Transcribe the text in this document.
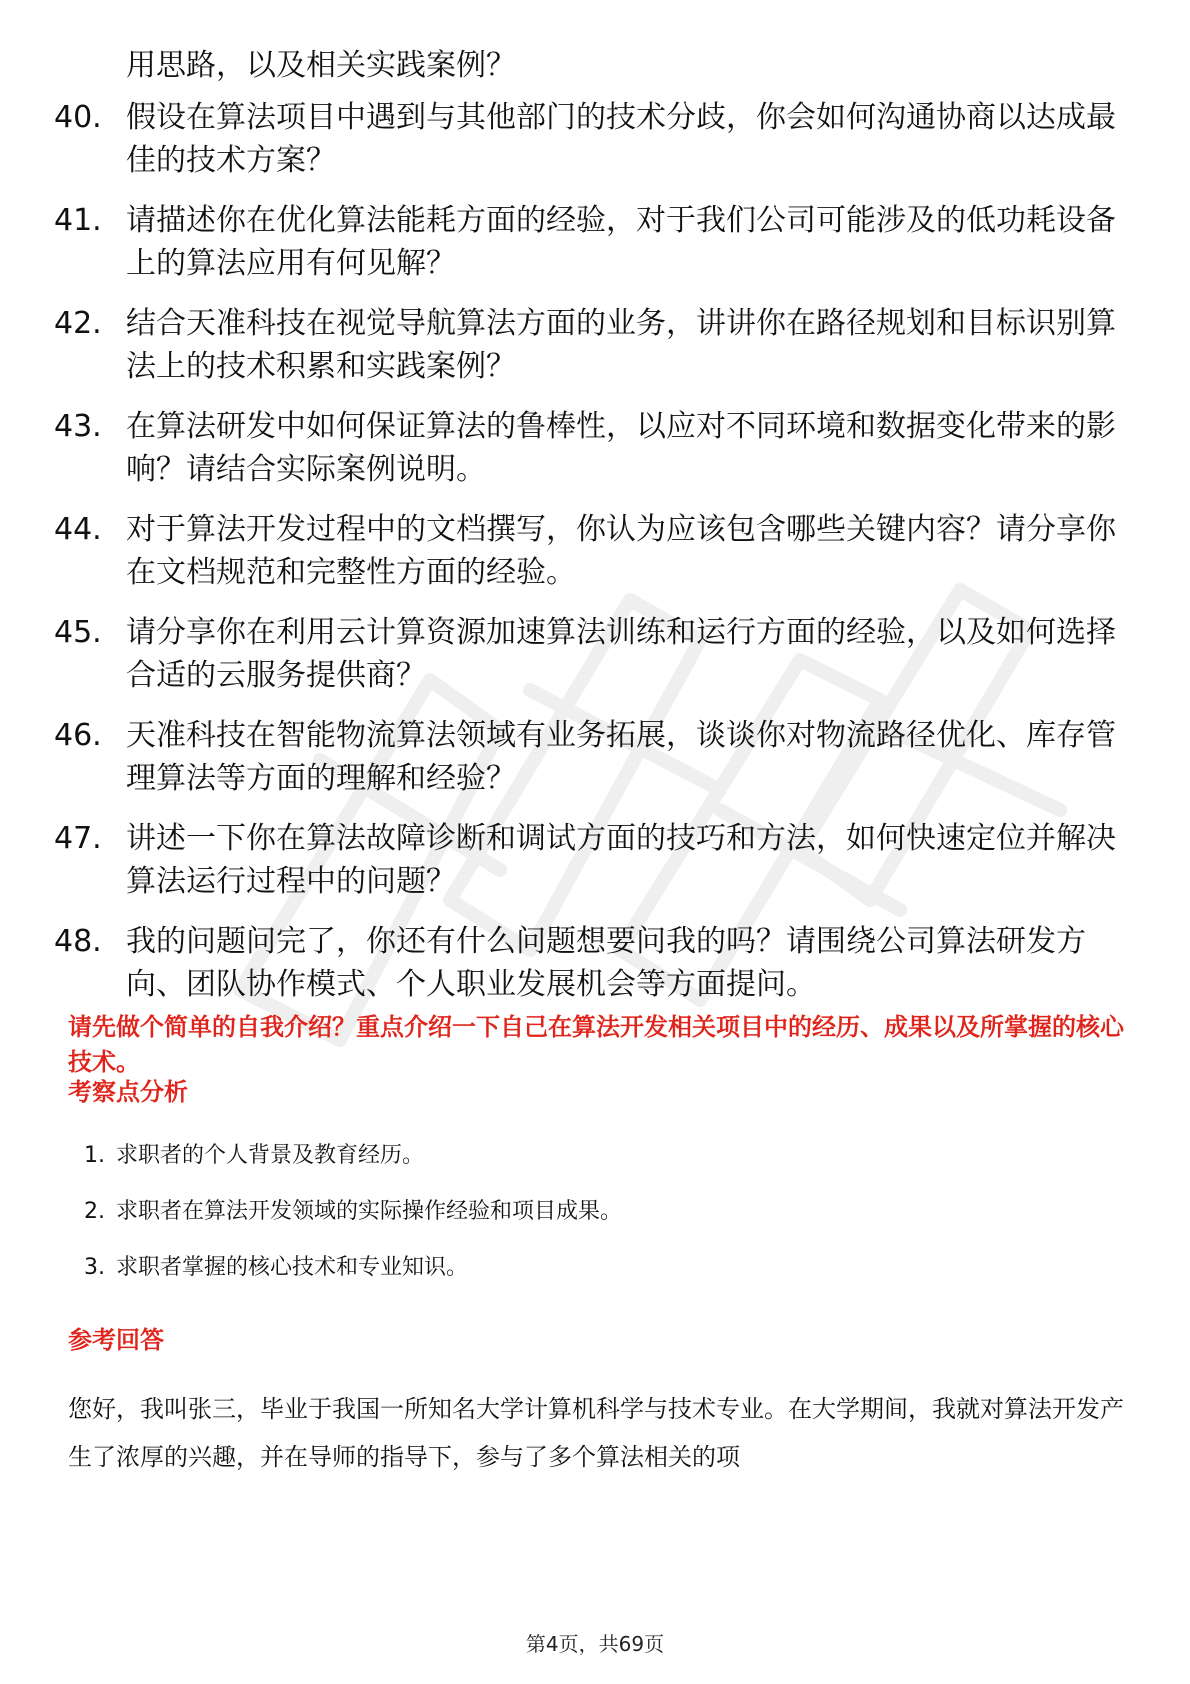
用思路，以及相关实践案例？
40. 假设在算法项目中遇到与其他部门的技术分歧，你会如何沟通协商以达成最佳的技术方案？
41. 请描述你在优化算法能耗方面的经验，对于我们公司可能涉及的低功耗设备上的算法应用有何见解？
42. 结合天准科技在视觉导航算法方面的业务，讲讲你在路径规划和目标识别算法上的技术积累和实践案例？
43. 在算法研发中如何保证算法的鲁棒性，以应对不同环境和数据变化带来的影响？请结合实际案例说明。
44. 对于算法开发过程中的文档撰写，你认为应该包含哪些关键内容？请分享你在文档规范和完整性方面的经验。
45. 请分享你在利用云计算资源加速算法训练和运行方面的经验，以及如何选择合适的云服务提供商？
46. 天准科技在智能物流算法领域有业务拓展，谈谈你对物流路径优化、库存管理算法等方面的理解和经验？
47. 讲述一下你在算法故障诊断和调试方面的技巧和方法，如何快速定位并解决算法运行过程中的问题？
48. 我的问题问完了，你还有什么问题想要问我的吗？请围绕公司算法研发方向、团队协作模式、个人职业发展机会等方面提问。

请先做个简单的自我介绍？重点介绍一下自己在算法开发相关项目中的经历、成果以及所掌握的核心技术。

考察点分析
1. 求职者的个人背景及教育经历。
2. 求职者在算法开发领域的实际操作经验和项目成果。
3. 求职者掌握的核心技术和专业知识。
参考回答

您好，我叫张三，毕业于我国一所知名大学计算机科学与技术专业。在大学期间，我就对算法开发产生了浓厚的兴趣，并在导师的指导下，参与了多个算法相关的项

第4页，共69页
